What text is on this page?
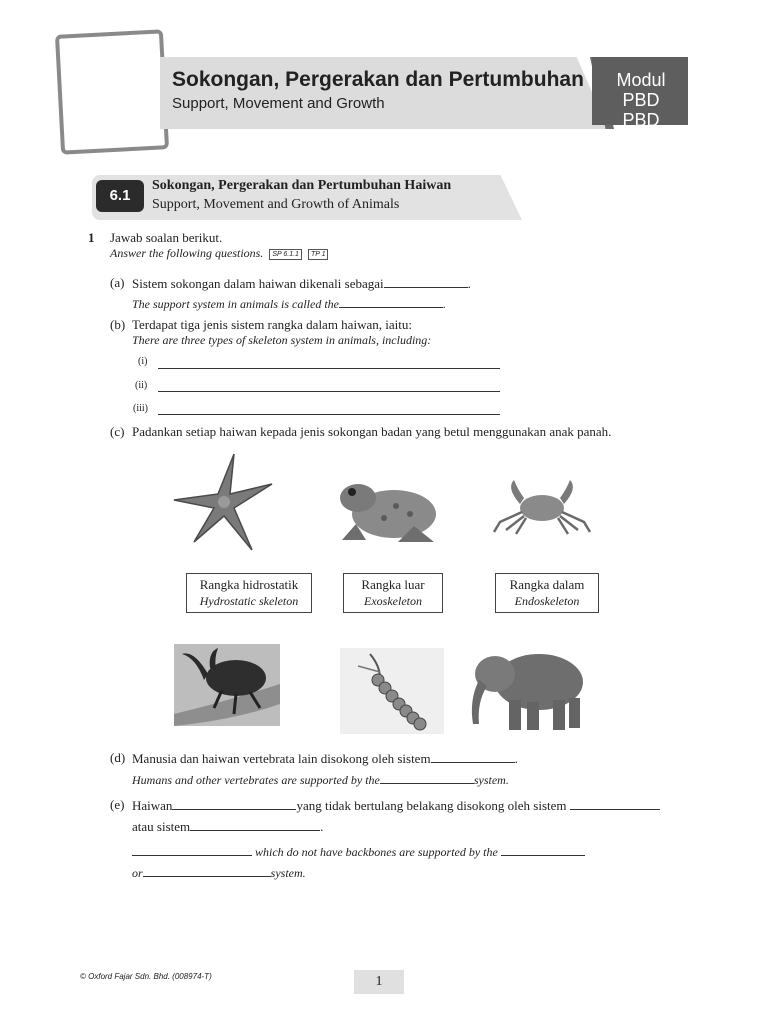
Modul PBD
PBD
Sokongan, Pergerakan dan Pertumbuhan
Support, Movement and Growth
6.1
Sokongan, Pergerakan dan Pertumbuhan Haiwan
Support, Movement and Growth of Animals
1 Jawab soalan berikut.
Answer the following questions. SP 6.1.1 TP 1
(a) Sistem sokongan dalam haiwan dikenali sebagai	.
The support system in animals is called the	.
(b) Terdapat tiga jenis sistem rangka dalam haiwan, iaitu:
There are three types of skeleton system in animals, including:
(i)
(ii)
(iii)
(c) Padankan setiap haiwan kepada jenis sokongan badan yang betul menggunakan anak panah.
Rangka hidrostatik
Hydrostatic skeleton
Rangka luar
Exoskeleton
Rangka dalam
Endoskeleton
(d) Manusia dan haiwan vertebrata lain disokong oleh sistem	.
Humans and other vertebrates are supported by the	system.
(e) Haiwan	yang tidak bertulang belakang disokong oleh sistem
atau sistem	.
which do not have backbones are supported by the
or	system.
© Oxford Fajar Sdn. Bhd. (008974-T)	1
